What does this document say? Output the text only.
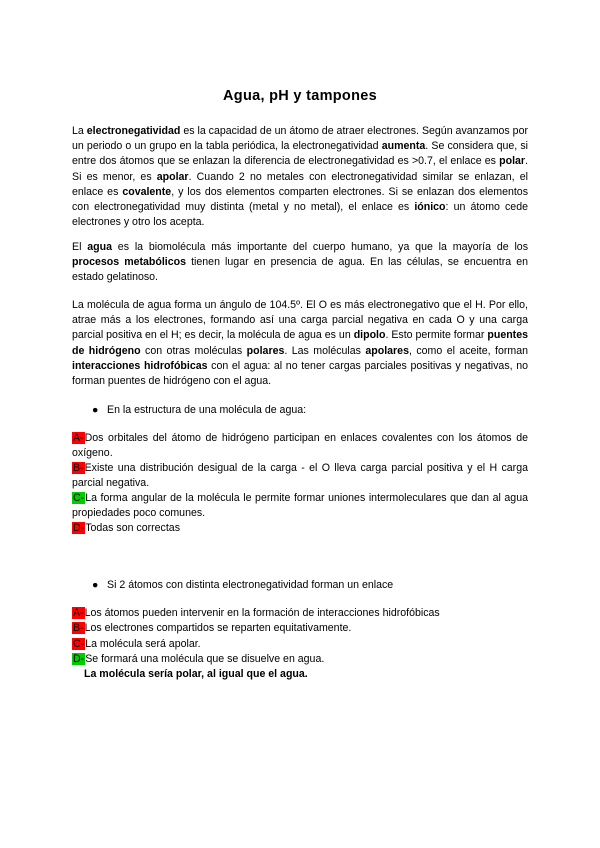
Agua, pH y tampones

La electronegatividad es la capacidad de un átomo de atraer electrones. Según avanzamos por un periodo o un grupo en la tabla periódica, la electronegatividad aumenta. Se considera que, si entre dos átomos que se enlazan la diferencia de electronegatividad es >0.7, el enlace es polar. Si es menor, es apolar. Cuando 2 no metales con electronegatividad similar se enlazan, el enlace es covalente, y los dos elementos comparten electrones. Si se enlazan dos elementos con electronegatividad muy distinta (metal y no metal), el enlace es iónico: un átomo cede electrones y otro los acepta.

El agua es la biomolécula más importante del cuerpo humano, ya que la mayoría de los procesos metabólicos tienen lugar en presencia de agua. En las células, se encuentra en estado gelatinoso.

La molécula de agua forma un ángulo de 104.5º. El O es más electronegativo que el H. Por ello, atrae más a los electrones, formando así una carga parcial negativa en cada O y una carga parcial positiva en el H; es decir, la molécula de agua es un dipolo. Esto permite formar puentes de hidrógeno con otras moléculas polares. Las moléculas apolares, como el aceite, forman interacciones hidrofóbicas con el agua: al no tener cargas parciales positivas y negativas, no forman puentes de hidrógeno con el agua.

● En la estructura de una molécula de agua:

A-Dos orbitales del átomo de hidrógeno participan en enlaces covalentes con los átomos de oxígeno.

B-Existe una distribución desigual de la carga - el O lleva carga parcial positiva y el H carga parcial negativa.

C-La forma angular de la molécula le permite formar uniones intermoleculares que dan al agua propiedades poco comunes.

D-Todas son correctas

● Si 2 átomos con distinta electronegatividad forman un enlace

A-Los átomos pueden intervenir en la formación de interacciones hidrofóbicas

B-Los electrones compartidos se reparten equitativamente.

C-La molécula será apolar.

D-Se formará una molécula que se disuelve en agua.

La molécula sería polar, al igual que el agua.
